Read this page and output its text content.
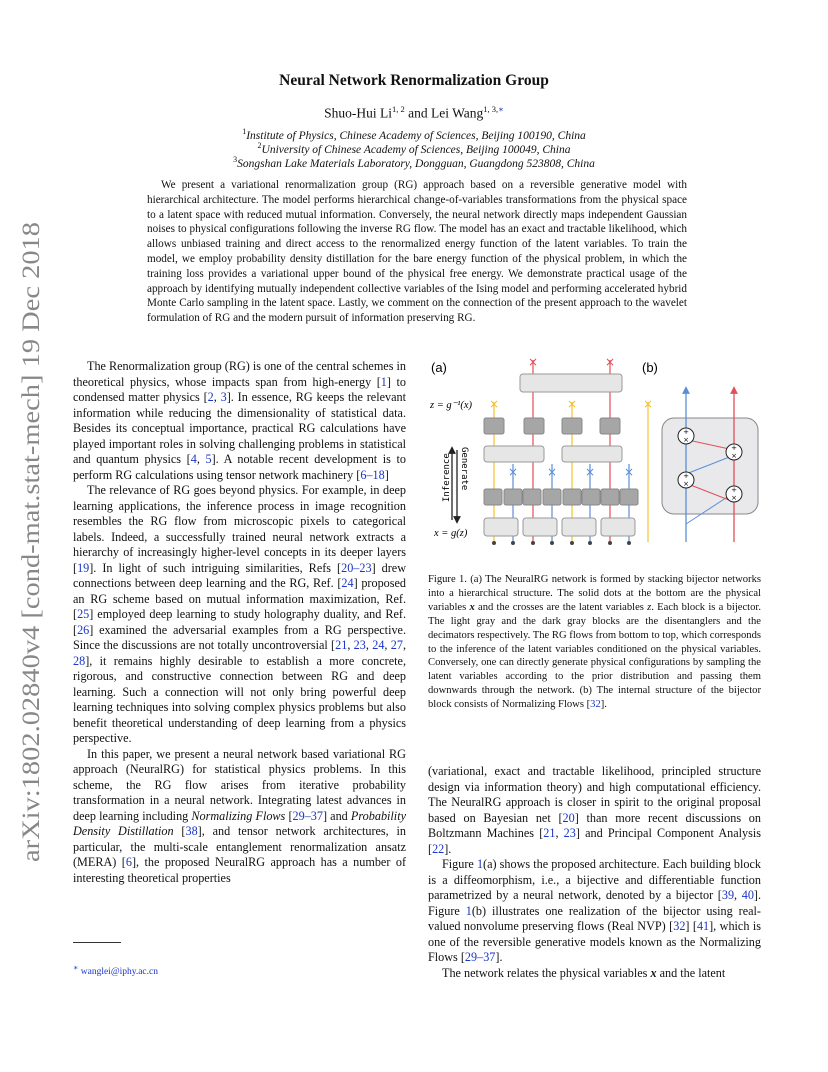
arXiv:1802.02840v4 [cond-mat.stat-mech] 19 Dec 2018
Neural Network Renormalization Group
Shuo-Hui Li$^{1, 2}$ and Lei Wang$^{1, 3,∗}$
$^1$Institute of Physics, Chinese Academy of Sciences, Beijing 100190, China
$^2$University of Chinese Academy of Sciences, Beijing 100049, China
$^3$Songshan Lake Materials Laboratory, Dongguan, Guangdong 523808, China
We present a variational renormalization group (RG) approach based on a reversible generative model with hierarchical architecture. The model performs hierarchical change-of-variables transformations from the physical space to a latent space with reduced mutual information. Conversely, the neural network directly maps independent Gaussian noises to physical configurations following the inverse RG flow. The model has an exact and tractable likelihood, which allows unbiased training and direct access to the renormalized energy function of the latent variables. To train the model, we employ probability density distillation for the bare energy function of the physical problem, in which the training loss provides a variational upper bound of the physical free energy. We demonstrate practical usage of the approach by identifying mutually independent collective variables of the Ising model and performing accelerated hybrid Monte Carlo sampling in the latent space. Lastly, we comment on the connection of the present approach to the wavelet formulation of RG and the modern pursuit of information preserving RG.

The Renormalization group (RG) is one of the central schemes in theoretical physics, whose impacts span from high-energy [1] to condensed matter physics [2, 3]. In essence, RG keeps the relevant information while reducing the dimensionality of statistical data. Besides its conceptual importance, practical RG calculations have played important roles in solving challenging problems in statistical and quantum physics [4, 5]. A notable recent development is to perform RG calculations using tensor network machinery [6–18]

The relevance of RG goes beyond physics. For example, in deep learning applications, the inference process in image recognition resembles the RG flow from microscopic pixels to categorical labels. Indeed, a successfully trained neural network extracts a hierarchy of increasingly higher-level concepts in its deeper layers [19]. In light of such intriguing similarities, Refs [20–23] drew connections between deep learning and the RG, Ref. [24] proposed an RG scheme based on mutual information maximization, Ref. [25] employed deep learning to study holography duality, and Ref. [26] examined the adversarial examples from a RG perspective. Since the discussions are not totally uncontroversial [21, 23, 24, 27, 28], it remains highly desirable to establish a more concrete, rigorous, and constructive connection between RG and deep learning. Such a connection will not only bring powerful deep learning techniques into solving complex physics problems but also benefit theoretical understanding of deep learning from a physics perspective.

In this paper, we present a neural network based variational RG approach (NeuralRG) for statistical physics problems. In this scheme, the RG flow arises from iterative probability transformation in a neural network. Integrating latest advances in deep learning including Normalizing Flows [29–37] and Probability Density Distillation [38], and tensor network architectures, in particular, the multi-scale entanglement renormalization ansatz (MERA) [6], the proposed NeuralRG approach has a number of interesting theoretical properties

∗ wanglei@iphy.ac.cn
(a)	(b)
z = g⁻¹(x)
x = g(z)
Inference Generate
×	×
×	×	×
× × × ×
+
×
+
×
+
×
+
×
Figure 1. (a) The NeuralRG network is formed by stacking bijector networks into a hierarchical structure. The solid dots at the bottom are the physical variables x and the crosses are the latent variables z. Each block is a bijector. The light gray and the dark gray blocks are the disentanglers and the decimators respectively. The RG flows from bottom to top, which corresponds to the inference of the latent variables conditioned on the physical variables. Conversely, one can directly generate physical configurations by sampling the latent variables according to the prior distribution and passing them downwards through the network. (b) The internal structure of the bijector block consists of Normalizing Flows [32].

(variational, exact and tractable likelihood, principled structure design via information theory) and high computational efficiency. The NeuralRG approach is closer in spirit to the original proposal based on Bayesian net [20] than more recent discussions on Boltzmann Machines [21, 23] and Principal Component Analysis [22].

Figure 1(a) shows the proposed architecture. Each building block is a diffeomorphism, i.e., a bijective and differentiable function parametrized by a neural network, denoted by a bijector [39, 40]. Figure 1(b) illustrates one realization of the bijector using real-valued nonvolume preserving flows (Real NVP) [32] [41], which is one of the reversible generative models known as the Normalizing Flows [29–37].

The network relates the physical variables x and the latent
